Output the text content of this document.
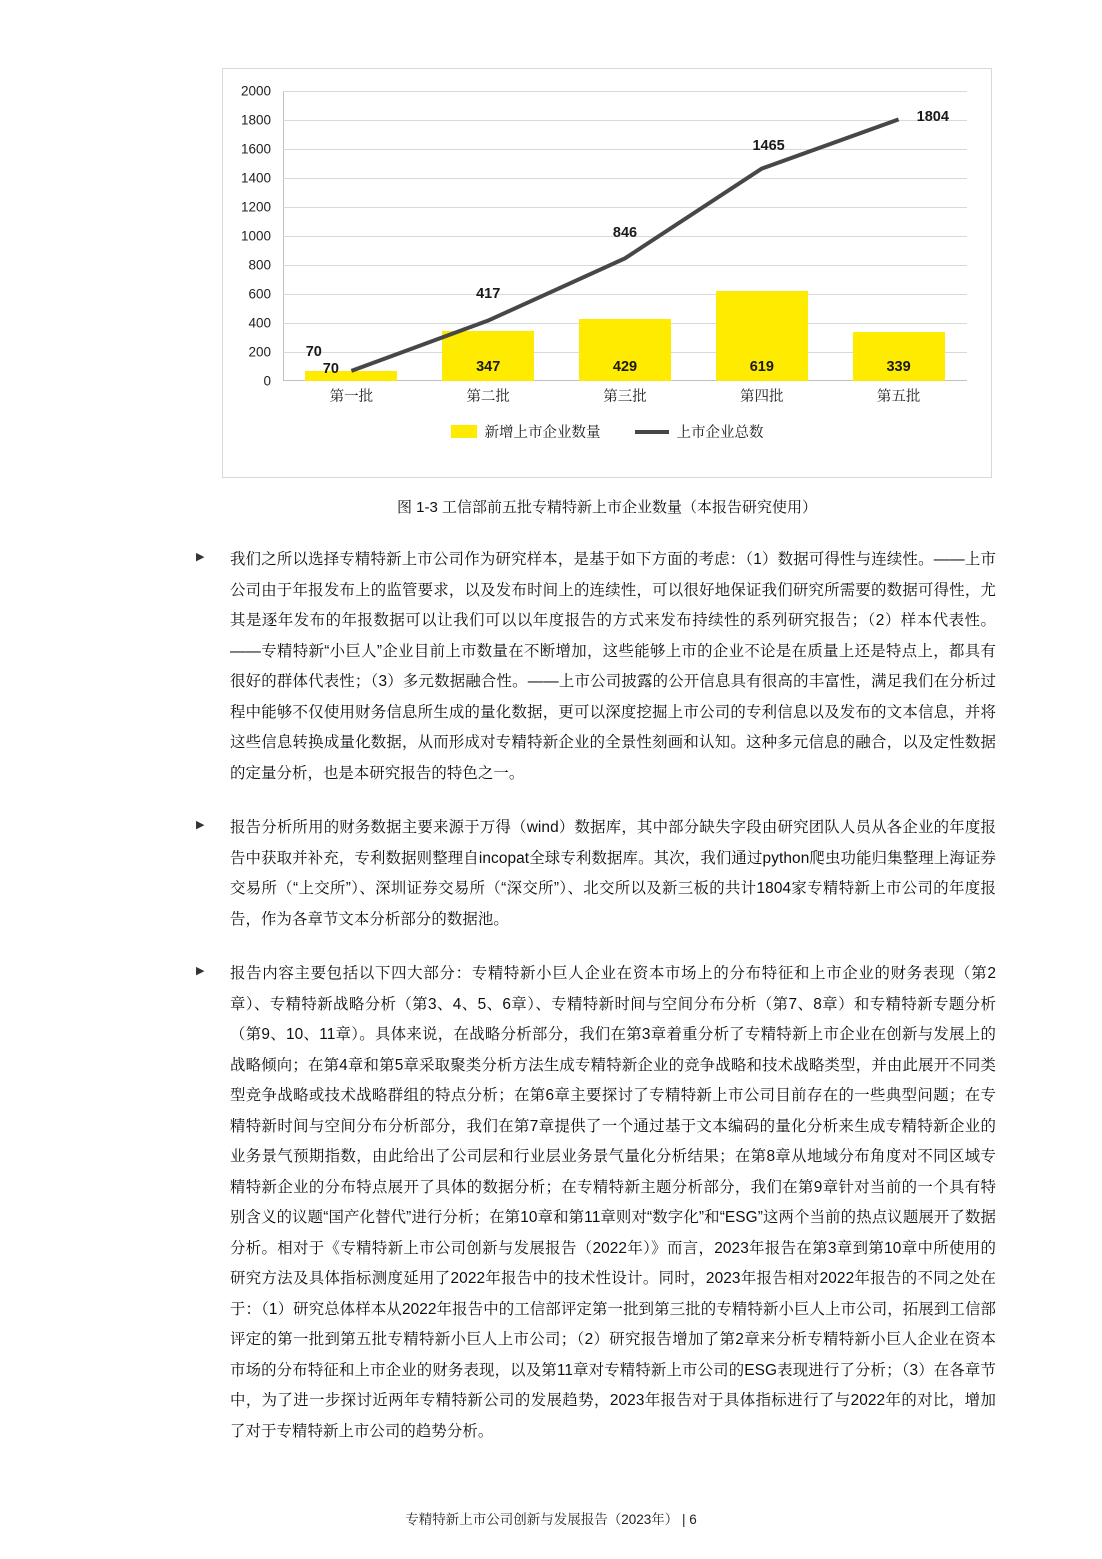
2000
1800
1600
1400
1200
1000
800
600
400
200
0
347	429	619	339
70
417
846
1465
1804
70
第一批	第二批	第三批	第四批	第五批
新增上市企业数量	上市企业总数
图 1-3 工信部前五批专精特新上市企业数量（本报告研究使用）
▶	我们之所以选择专精特新上市公司作为研究样本，是基于如下方面的考虑：（1）数据可得性与连续性。——上市公司由于年报发布上的监管要求，以及发布时间上的连续性，可以很好地保证我们研究所需要的数据可得性，尤其是逐年发布的年报数据可以让我们可以以年度报告的方式来发布持续性的系列研究报告；（2）样本代表性。——专精特新“小巨人”企业目前上市数量在不断增加，这些能够上市的企业不论是在质量上还是特点上，都具有很好的群体代表性；（3）多元数据融合性。——上市公司披露的公开信息具有很高的丰富性，满足我们在分析过程中能够不仅使用财务信息所生成的量化数据，更可以深度挖掘上市公司的专利信息以及发布的文本信息，并将这些信息转换成量化数据，从而形成对专精特新企业的全景性刻画和认知。这种多元信息的融合，以及定性数据的定量分析，也是本研究报告的特色之一。
▶	报告分析所用的财务数据主要来源于万得（wind）数据库，其中部分缺失字段由研究团队人员从各企业的年度报告中获取并补充，专利数据则整理自incopat全球专利数据库。其次，我们通过python爬虫功能归集整理上海证券交易所（“上交所”）、深圳证券交易所（“深交所”）、北交所以及新三板的共计1804家专精特新上市公司的年度报告，作为各章节文本分析部分的数据池。
▶	报告内容主要包括以下四大部分：专精特新小巨人企业在资本市场上的分布特征和上市企业的财务表现（第2章）、专精特新战略分析（第3、4、5、6章）、专精特新时间与空间分布分析（第7、8章）和专精特新专题分析（第9、10、11章）。具体来说，在战略分析部分，我们在第3章着重分析了专精特新上市企业在创新与发展上的战略倾向；在第4章和第5章采取聚类分析方法生成专精特新企业的竞争战略和技术战略类型，并由此展开不同类型竞争战略或技术战略群组的特点分析；在第6章主要探讨了专精特新上市公司目前存在的一些典型问题；在专精特新时间与空间分布分析部分，我们在第7章提供了一个通过基于文本编码的量化分析来生成专精特新企业的业务景气预期指数，由此给出了公司层和行业层业务景气量化分析结果；在第8章从地域分布角度对不同区域专精特新企业的分布特点展开了具体的数据分析；在专精特新主题分析部分，我们在第9章针对当前的一个具有特别含义的议题“国产化替代”进行分析；在第10章和第11章则对“数字化”和“ESG”这两个当前的热点议题展开了数据分析。相对于《专精特新上市公司创新与发展报告（2022年）》而言，2023年报告在第3章到第10章中所使用的研究方法及具体指标测度延用了2022年报告中的技术性设计。同时，2023年报告相对2022年报告的不同之处在于：（1）研究总体样本从2022年报告中的工信部评定第一批到第三批的专精特新小巨人上市公司，拓展到工信部评定的第一批到第五批专精特新小巨人上市公司；（2）研究报告增加了第2章来分析专精特新小巨人企业在资本市场的分布特征和上市企业的财务表现，以及第11章对专精特新上市公司的ESG表现进行了分析；（3）在各章节中，为了进一步探讨近两年专精特新公司的发展趋势，2023年报告对于具体指标进行了与2022年的对比，增加了对于专精特新上市公司的趋势分析。
专精特新上市公司创新与发展报告（2023年） | 6
